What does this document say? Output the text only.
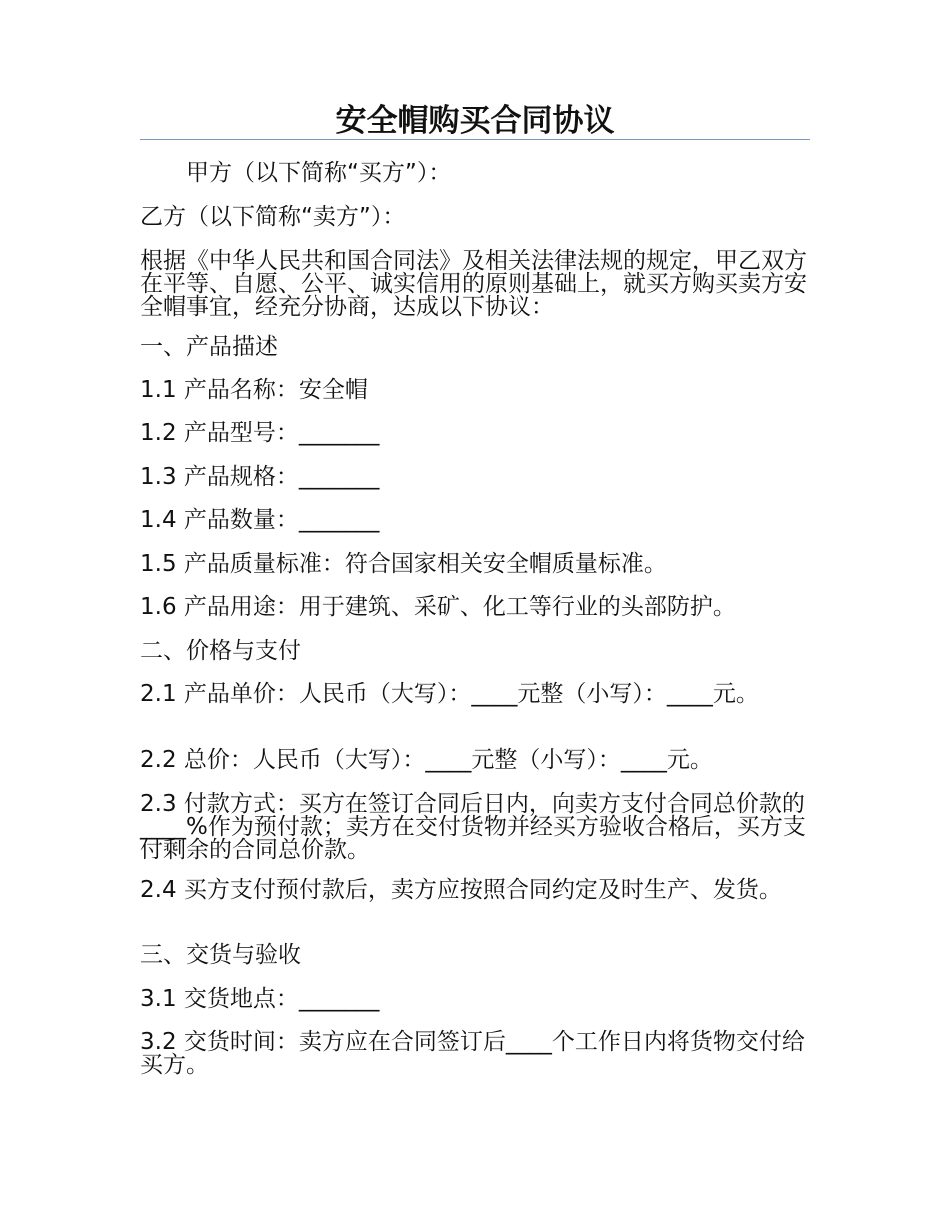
安全帽购买合同协议
甲方（以下简称“买方”）：
乙方（以下简称“卖方”）：
根据《中华人民共和国合同法》及相关法律法规的规定，甲乙双方在平等、自愿、公平、诚实信用的原则基础上，就买方购买卖方安全帽事宜，经充分协商，达成以下协议：
一、产品描述
1.1 产品名称：安全帽
1.2 产品型号：_______
1.3 产品规格：_______
1.4 产品数量：_______
1.5 产品质量标准：符合国家相关安全帽质量标准。
1.6 产品用途：用于建筑、采矿、化工等行业的头部防护。
二、价格与支付
2.1 产品单价：人民币（大写）：____元整（小写）：____元。
2.2 总价：人民币（大写）：____元整（小写）：____元。
2.3 付款方式：买方在签订合同后日内，向卖方支付合同总价款的____%作为预付款；卖方在交付货物并经买方验收合格后，买方支付剩余的合同总价款。
2.4 买方支付预付款后，卖方应按照合同约定及时生产、发货。
三、交货与验收
3.1 交货地点：_______
3.2 交货时间：卖方应在合同签订后____个工作日内将货物交付给买方。
